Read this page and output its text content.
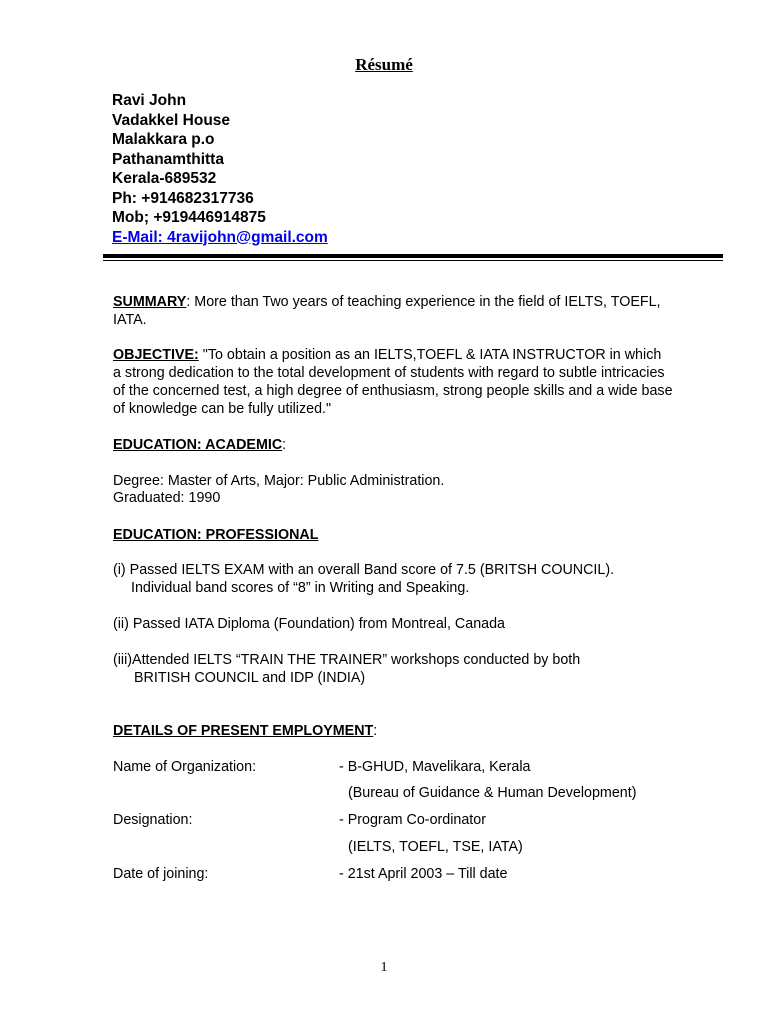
Résumé
Ravi John
Vadakkel House
Malakkara p.o
Pathanamthitta
Kerala-689532
Ph: +914682317736
Mob; +919446914875
E-Mail: 4ravijohn@gmail.com
SUMMARY: More than Two years of teaching experience in the field of IELTS, TOEFL, IATA.
OBJECTIVE: "To obtain a position as an IELTS,TOEFL & IATA INSTRUCTOR in which a strong dedication to the total development of students with regard to subtle intricacies of the concerned test, a high degree of enthusiasm, strong people skills and a wide base of knowledge can be fully utilized."
EDUCATION: ACADEMIC:
Degree: Master of Arts, Major: Public Administration.
Graduated: 1990
EDUCATION: PROFESSIONAL
(i) Passed IELTS EXAM with an overall Band score of 7.5 (BRITSH COUNCIL).
Individual band scores of “8” in Writing and Speaking.
(ii) Passed IATA Diploma (Foundation) from Montreal, Canada
(iii)Attended IELTS “TRAIN THE TRAINER” workshops conducted by both
BRITISH COUNCIL and IDP (INDIA)
DETAILS OF PRESENT EMPLOYMENT:
Name of Organization:	- B-GHUD, Mavelikara, Kerala
(Bureau of Guidance & Human Development)
Designation:	- Program Co-ordinator
(IELTS, TOEFL, TSE, IATA)
Date of joining:	- 21st April 2003 – Till date
1
